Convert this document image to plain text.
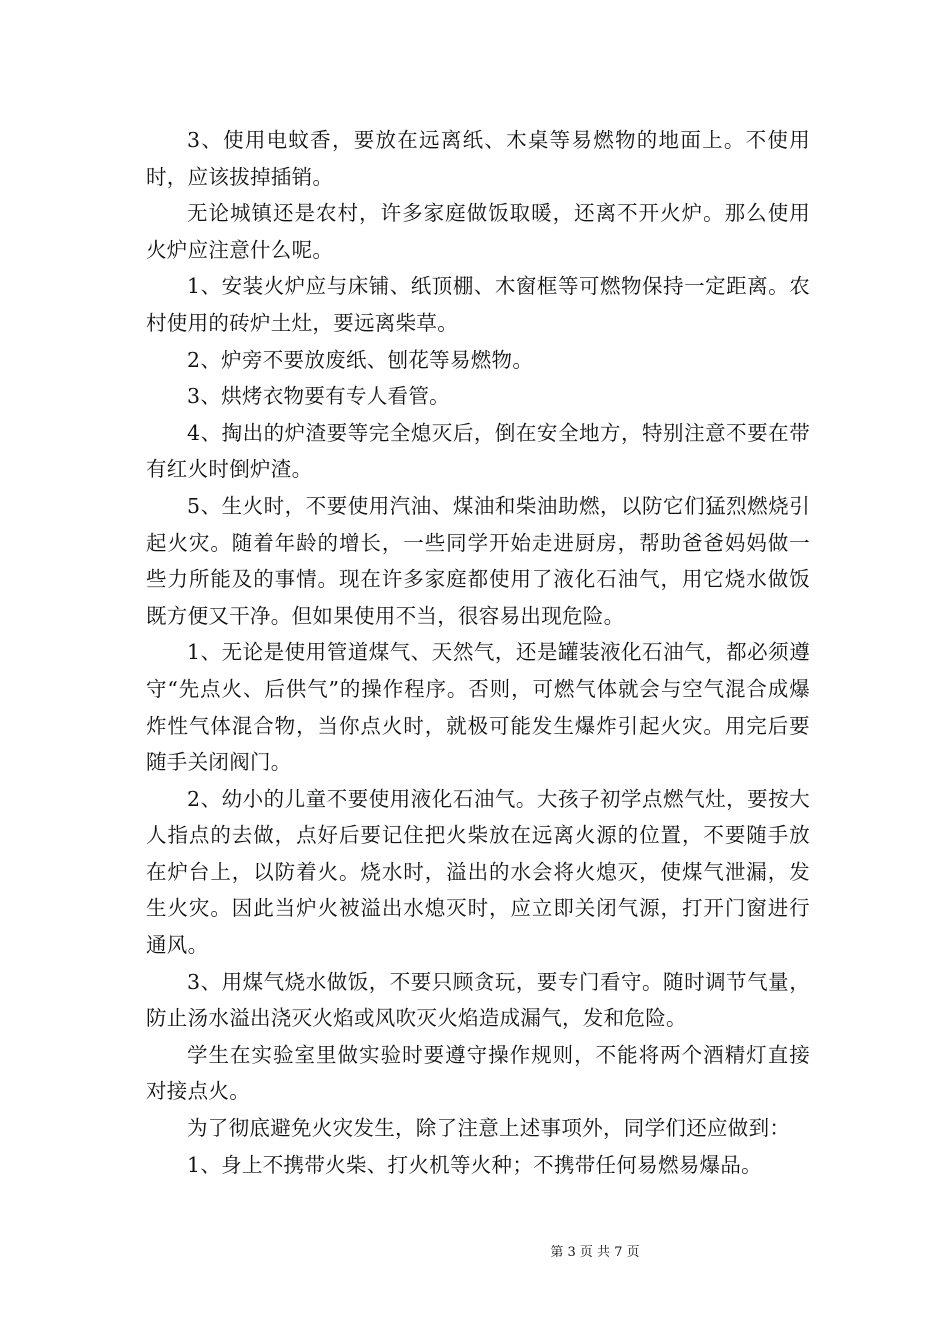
3、使用电蚊香，要放在远离纸、木桌等易燃物的地面上。不使用时，应该拔掉插销。

无论城镇还是农村，许多家庭做饭取暖，还离不开火炉。那么使用火炉应注意什么呢。

1、安装火炉应与床铺、纸顶棚、木窗框等可燃物保持一定距离。农村使用的砖炉土灶，要远离柴草。

2、炉旁不要放废纸、刨花等易燃物。

3、烘烤衣物要有专人看管。

4、掏出的炉渣要等完全熄灭后，倒在安全地方，特别注意不要在带有红火时倒炉渣。

5、生火时，不要使用汽油、煤油和柴油助燃，以防它们猛烈燃烧引起火灾。随着年龄的增长，一些同学开始走进厨房，帮助爸爸妈妈做一些力所能及的事情。现在许多家庭都使用了液化石油气，用它烧水做饭既方便又干净。但如果使用不当，很容易出现危险。

1、无论是使用管道煤气、天然气，还是罐装液化石油气，都必须遵守“先点火、后供气”的操作程序。否则，可燃气体就会与空气混合成爆炸性气体混合物，当你点火时，就极可能发生爆炸引起火灾。用完后要随手关闭阀门。

2、幼小的儿童不要使用液化石油气。大孩子初学点燃气灶，要按大人指点的去做，点好后要记住把火柴放在远离火源的位置，不要随手放在炉台上，以防着火。烧水时，溢出的水会将火熄灭，使煤气泄漏，发生火灾。因此当炉火被溢出水熄灭时，应立即关闭气源，打开门窗进行通风。

3、用煤气烧水做饭，不要只顾贪玩，要专门看守。随时调节气量，防止汤水溢出浇灭火焰或风吹灭火焰造成漏气，发和危险。

学生在实验室里做实验时要遵守操作规则，不能将两个酒精灯直接对接点火。

为了彻底避免火灾发生，除了注意上述事项外，同学们还应做到：

1、身上不携带火柴、打火机等火种；不携带任何易燃易爆品。

第 3 页 共 7 页
